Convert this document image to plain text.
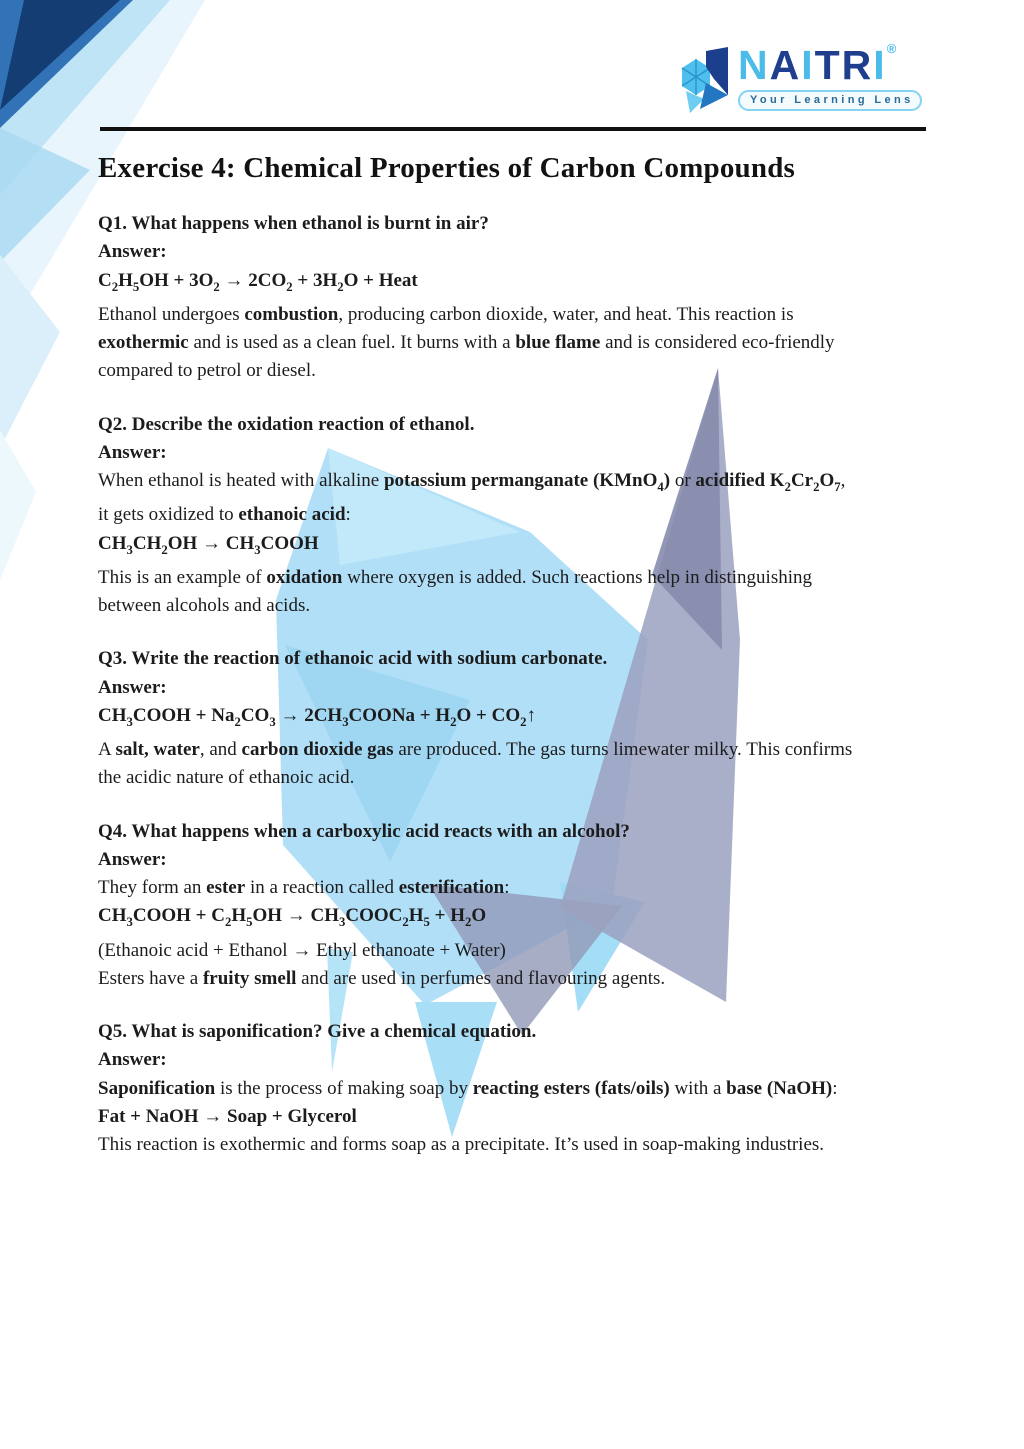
NAITRI®
Your Learning Lens
Exercise 4: Chemical Properties of Carbon Compounds

Q1. What happens when ethanol is burnt in air?

Answer:

$C_2H_5OH + 3O_2 \to 2CO_2 + 3H_2O$ + Heat

Ethanol undergoes combustion, producing carbon dioxide, water, and heat. This reaction is

exothermic and is used as a clean fuel. It burns with a blue flame and is considered eco-friendly

compared to petrol or diesel.

Q2. Describe the oxidation reaction of ethanol.

Answer:

When ethanol is heated with alkaline potassium permanganate (KMnO$_4$) or acidified $K_2Cr_2O_7$,

it gets oxidized to ethanoic acid:

$CH_3CH_2OH$ → $CH_3COOH$

This is an example of oxidation where oxygen is added. Such reactions help in distinguishing

between alcohols and acids.

Q3. Write the reaction of ethanoic acid with sodium carbonate.

Answer:

$CH_3COOH + Na_2CO_3$ → $2CH_3COONa + H_2O$ + $CO_2↑$

A salt, water, and carbon dioxide gas are produced. The gas turns limewater milky. This confirms

the acidic nature of ethanoic acid.

Q4. What happens when a carboxylic acid reacts with an alcohol?

Answer:

They form an ester in a reaction called esterification:

$CH_3COOH + C_2H_5OH$ → $CH_3COOC_2H_5 + H_2O$

(Ethanoic acid + Ethanol → Ethyl ethanoate + Water)

Esters have a fruity smell and are used in perfumes and flavouring agents.

Q5. What is saponification? Give a chemical equation.

Answer:

Saponification is the process of making soap by reacting esters (fats/oils) with a base (NaOH):

Fat + NaOH → Soap + Glycerol

This reaction is exothermic and forms soap as a precipitate. It’s used in soap-making industries.
